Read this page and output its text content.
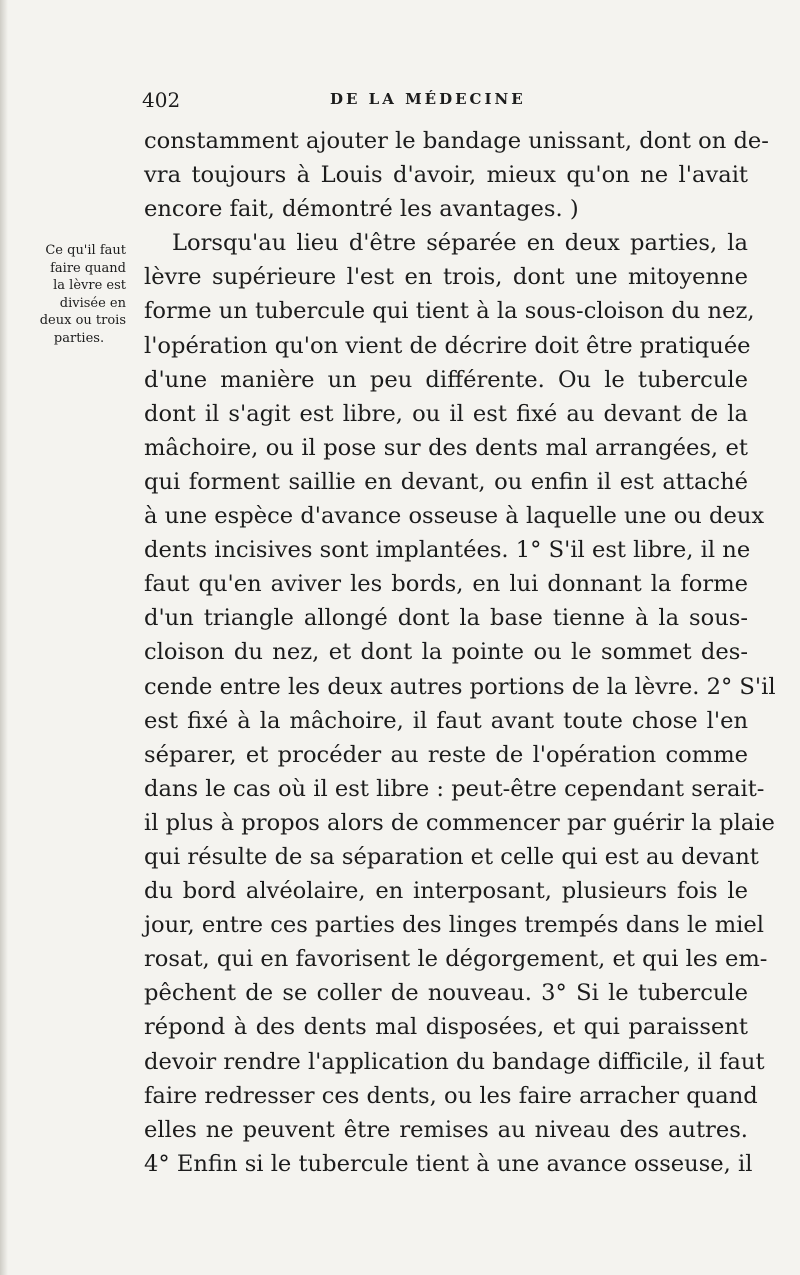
402	DE LA MÉDECINE
Ce qu'il faut
faire quand
la lèvre est
divisée en
deux ou trois
parties.
constamment ajouter le bandage unissant, dont on de-
vra toujours à Louis d'avoir, mieux qu'on ne l'avait
encore fait, démontré les avantages. )
Lorsqu'au lieu d'être séparée en deux parties, la
lèvre supérieure l'est en trois, dont une mitoyenne
forme un tubercule qui tient à la sous-cloison du nez,
l'opération qu'on vient de décrire doit être pratiquée
d'une manière un peu différente. Ou le tubercule
dont il s'agit est libre, ou il est fixé au devant de la
mâchoire, ou il pose sur des dents mal arrangées, et
qui forment saillie en devant, ou enfin il est attaché
à une espèce d'avance osseuse à laquelle une ou deux
dents incisives sont implantées. 1° S'il est libre, il ne
faut qu'en aviver les bords, en lui donnant la forme
d'un triangle allongé dont la base tienne à la sous-
cloison du nez, et dont la pointe ou le sommet des-
cende entre les deux autres portions de la lèvre. 2° S'il
est fixé à la mâchoire, il faut avant toute chose l'en
séparer, et procéder au reste de l'opération comme
dans le cas où il est libre : peut-être cependant serait-
il plus à propos alors de commencer par guérir la plaie
qui résulte de sa séparation et celle qui est au devant
du bord alvéolaire, en interposant, plusieurs fois le
jour, entre ces parties des linges trempés dans le miel
rosat, qui en favorisent le dégorgement, et qui les em-
pêchent de se coller de nouveau. 3° Si le tubercule
répond à des dents mal disposées, et qui paraissent
devoir rendre l'application du bandage difficile, il faut
faire redresser ces dents, ou les faire arracher quand
elles ne peuvent être remises au niveau des autres.
4° Enfin si le tubercule tient à une avance osseuse, il
